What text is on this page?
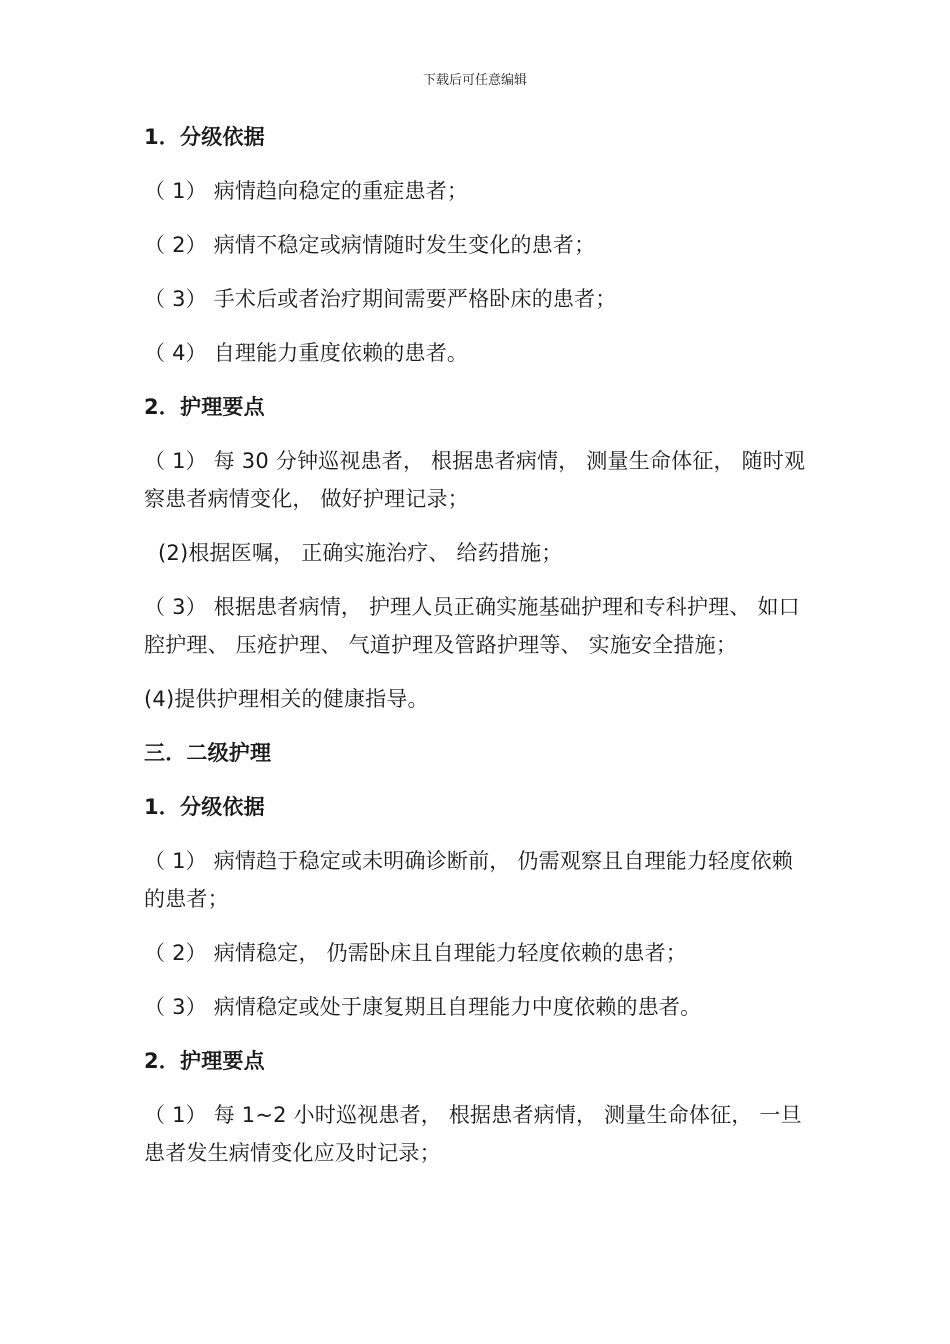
下载后可任意编辑

1．分级依据

（ 1） 病情趋向稳定的重症患者；

（ 2） 病情不稳定或病情随时发生变化的患者；

（ 3） 手术后或者治疗期间需要严格卧床的患者；

（ 4） 自理能力重度依赖的患者。

2．护理要点

（ 1） 每 30 分钟巡视患者， 根据患者病情， 测量生命体征， 随时观察患者病情变化， 做好护理记录；

(2)根据医嘱， 正确实施治疗、 给药措施；

（ 3） 根据患者病情， 护理人员正确实施基础护理和专科护理、 如口腔护理、 压疮护理、 气道护理及管路护理等、 实施安全措施；

(4)提供护理相关的健康指导。

三．二级护理

1．分级依据

（ 1） 病情趋于稳定或未明确诊断前， 仍需观察且自理能力轻度依赖的患者；

（ 2） 病情稳定， 仍需卧床且自理能力轻度依赖的患者；

（ 3） 病情稳定或处于康复期且自理能力中度依赖的患者。

2．护理要点

（ 1） 每 1~2 小时巡视患者， 根据患者病情， 测量生命体征， 一旦患者发生病情变化应及时记录；
